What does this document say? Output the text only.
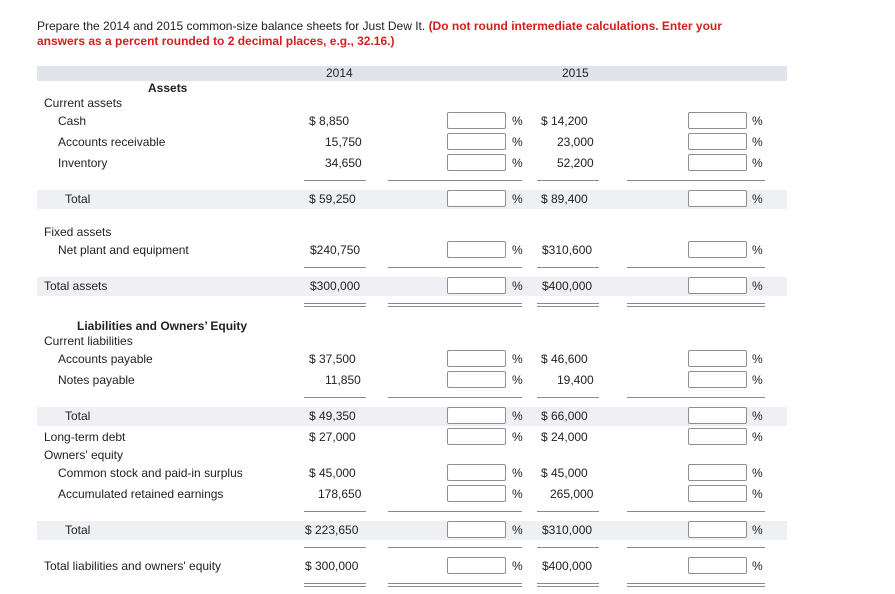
Prepare the 2014 and 2015 common-size balance sheets for Just Dew It. (Do not round intermediate calculations. Enter your answers as a percent rounded to 2 decimal places, e.g., 32.16.)
2014	2015
Assets
Current assets
Fixed assets
Liabilities and Owners’ Equity
Current liabilities
Owners' equity
Cash	$ 8,850	% $ 14,200	%
Accounts receivable	15,750	%	23,000	%
Inventory	34,650	%	52,200	%
Total	$ 59,250	% $ 89,400	%
Net plant and equipment	$240,750	% $310,600	%
Total assets	$300,000	% $400,000	%
Accounts payable	$ 37,500	% $ 46,600	%
Notes payable	11,850	%	19,400	%
Total	$ 49,350	% $ 66,000	%
Long-term debt	$ 27,000	% $ 24,000	%
Common stock and paid-in surplus	$ 45,000	% $ 45,000	%
Accumulated retained earnings	178,650	% 265,000	%
Total	$ 223,650	% $310,000	%
Total liabilities and owners' equity	$ 300,000	% $400,000	%
